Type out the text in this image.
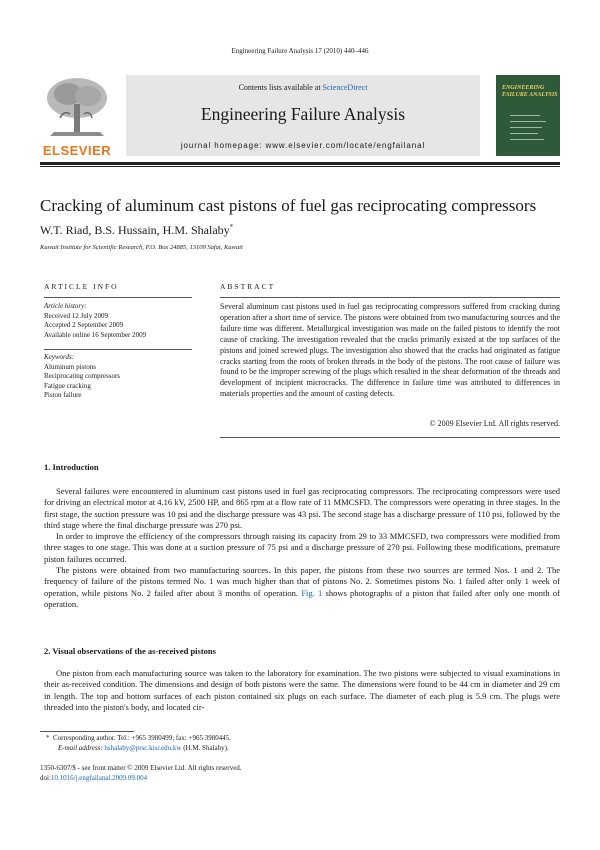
Engineering Failure Analysis 17 (2010) 440–446
ELSEVIER
Contents lists available at ScienceDirect
Engineering Failure Analysis
journal homepage: www.elsevier.com/locate/engfailanal
ENGINEERING FAILURE ANALYSIS
Cracking of aluminum cast pistons of fuel gas reciprocating compressors
W.T. Riad, B.S. Hussain, H.M. Shalaby*
Kuwait Institute for Scientific Research, P.O. Box 24885, 13109 Safat, Kuwait
ARTICLE INFO
Article history:
Received 12 July 2009
Accepted 2 September 2009
Available online 16 September 2009
Keywords:
Aluminum pistons
Reciprocating compressors
Fatigue cracking
Piston failure
ABSTRACT
Several aluminum cast pistons used in fuel gas reciprocating compressors suffered from cracking during operation after a short time of service. The pistons were obtained from two manufacturing sources and the failure time was different. Metallurgical investigation was made on the failed pistons to identify the root cause of cracking. The investigation revealed that the cracks primarily existed at the top surfaces of the pistons and joined screwed plugs. The investigation also showed that the cracks had originated as fatigue cracks starting from the roots of broken threads in the body of the pistons. The root cause of failure was found to be the improper screwing of the plugs which resulted in the shear deformation of the threads and development of incipient microcracks. The difference in failure time was attributed to differences in materials properties and the amount of casting defects.
© 2009 Elsevier Ltd. All rights reserved.
1. Introduction

Several failures were encountered in aluminum cast pistons used in fuel gas reciprocating compressors. The reciprocating compressors were used for driving an electrical motor at 4.16 kV, 2500 HP, and 865 rpm at a flow rate of 11 MMCSFD. The compressors were operating in three stages. In the first stage, the suction pressure was 10 psi and the discharge pressure was 43 psi. The second stage has a discharge pressure of 110 psi, followed by the third stage where the final discharge pressure was 270 psi.

In order to improve the efficiency of the compressors through raising its capacity from 29 to 33 MMCSFD, two compressors were modified from three stages to one stage. This was done at a suction pressure of 75 psi and a discharge pressure of 270 psi. Following these modifications, premature piston failures occurred.

The pistons were obtained from two manufacturing sources. In this paper, the pistons from these two sources are termed Nos. 1 and 2. The frequency of failure of the pistons termed No. 1 was much higher than that of pistons No. 2. Sometimes pistons No. 1 failed after only 1 week of operation, while pistons No. 2 failed after about 3 months of operation. Fig. 1 shows photographs of a piston that failed after only one month of operation.

2. Visual observations of the as-received pistons

One piston from each manufacturing source was taken to the laboratory for examination. The two pistons were subjected to visual examinations in their as-received condition. The dimensions and design of both pistons were the same. The dimensions were found to be 44 cm in diameter and 29 cm in length. The top and bottom surfaces of each piston contained six plugs on each surface. The diameter of each plug is 5.9 cm. The plugs were threaded into the piston's body, and located cir-

* Corresponding author. Tel.: +965 3980499; fax: +965 3980445.
E-mail address: hshalaby@prsc.kisr.edu.kw (H.M. Shalaby).
1350-6307/$ - see front matter © 2009 Elsevier Ltd. All rights reserved.
doi:10.1016/j.engfailanal.2009.09.004
